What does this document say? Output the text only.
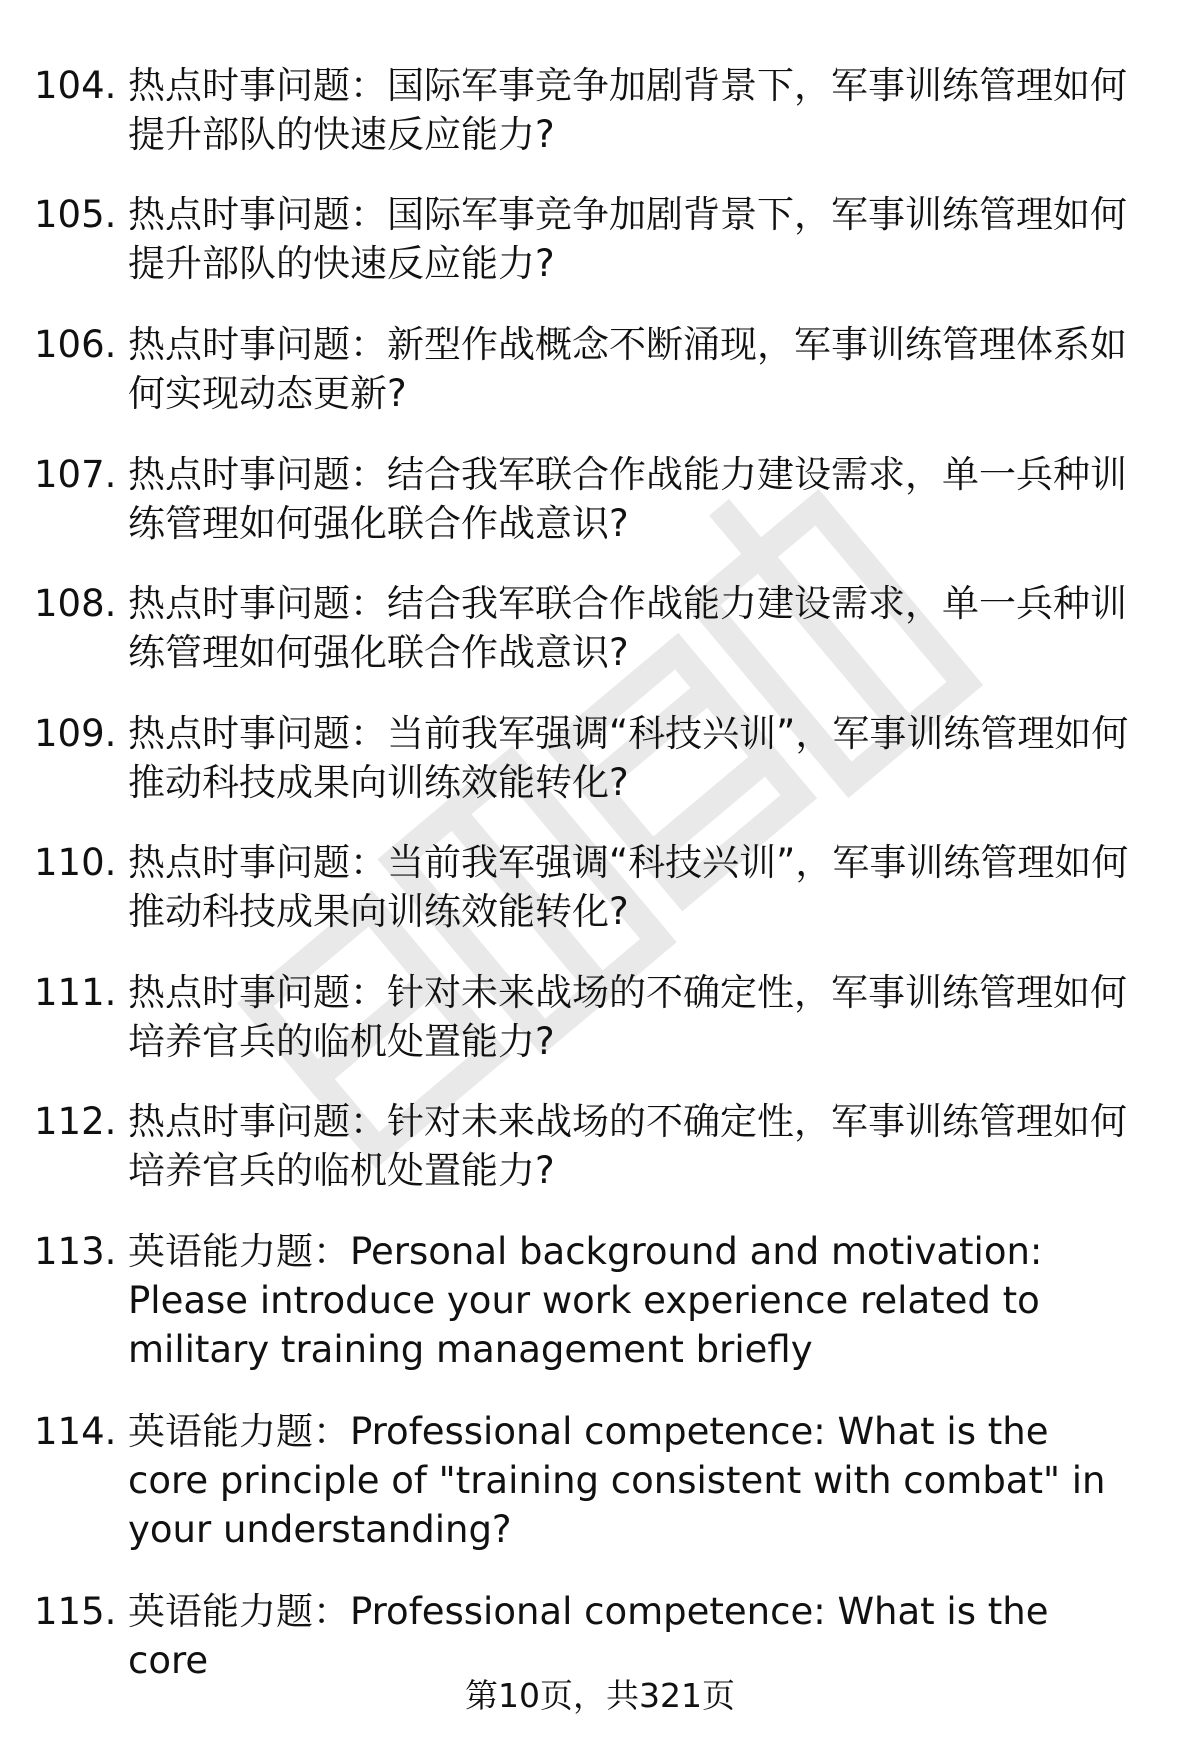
104. 热点时事问题：国际军事竞争加剧背景下，军事训练管理如何提升部队的快速反应能力?
105. 热点时事问题：国际军事竞争加剧背景下，军事训练管理如何提升部队的快速反应能力?
106. 热点时事问题：新型作战概念不断涌现，军事训练管理体系如何实现动态更新?
107. 热点时事问题：结合我军联合作战能力建设需求，单一兵种训练管理如何强化联合作战意识?
108. 热点时事问题：结合我军联合作战能力建设需求，单一兵种训练管理如何强化联合作战意识?
109. 热点时事问题：当前我军强调“科技兴训”，军事训练管理如何推动科技成果向训练效能转化?
110. 热点时事问题：当前我军强调“科技兴训”，军事训练管理如何推动科技成果向训练效能转化?
111. 热点时事问题：针对未来战场的不确定性，军事训练管理如何培养官兵的临机处置能力?
112. 热点时事问题：针对未来战场的不确定性，军事训练管理如何培养官兵的临机处置能力?
113. 英语能力题：Personal background and motivation: Please introduce your work experience related to military training management briefly
114. 英语能力题：Professional competence: What is the core principle of "training consistent with combat" in your understanding?
115. 英语能力题：Professional competence: What is the core
第10页，共321页
